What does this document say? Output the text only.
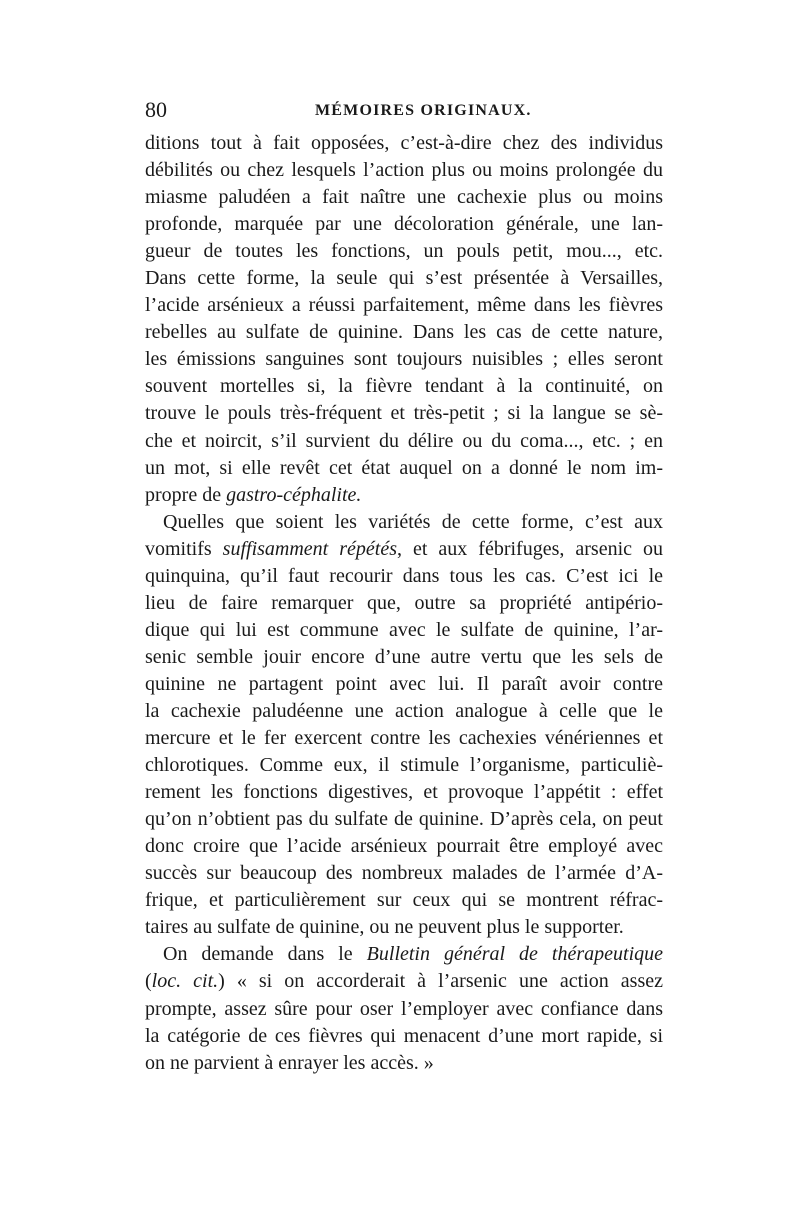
80	MÉMOIRES ORIGINAUX.
ditions tout à fait opposées, c’est-à-dire chez des individus
débilités ou chez lesquels l’action plus ou moins prolongée du
miasme paludéen a fait naître une cachexie plus ou moins
profonde, marquée par une décoloration générale, une lan-
gueur de toutes les fonctions, un pouls petit, mou..., etc.
Dans cette forme, la seule qui s’est présentée à Versailles,
l’acide arsénieux a réussi parfaitement, même dans les fièvres
rebelles au sulfate de quinine. Dans les cas de cette nature,
les émissions sanguines sont toujours nuisibles ; elles seront
souvent mortelles si, la fièvre tendant à la continuité, on
trouve le pouls très-fréquent et très-petit ; si la langue se sè-
che et noircit, s’il survient du délire ou du coma..., etc. ; en
un mot, si elle revêt cet état auquel on a donné le nom im-
propre de gastro-céphalite.
Quelles que soient les variétés de cette forme, c’est aux
vomitifs suffisamment répétés, et aux fébrifuges, arsenic ou
quinquina, qu’il faut recourir dans tous les cas. C’est ici le
lieu de faire remarquer que, outre sa propriété antipério-
dique qui lui est commune avec le sulfate de quinine, l’ar-
senic semble jouir encore d’une autre vertu que les sels de
quinine ne partagent point avec lui. Il paraît avoir contre
la cachexie paludéenne une action analogue à celle que le
mercure et le fer exercent contre les cachexies vénériennes et
chlorotiques. Comme eux, il stimule l’organisme, particuliè-
rement les fonctions digestives, et provoque l’appétit : effet
qu’on n’obtient pas du sulfate de quinine. D’après cela, on peut
donc croire que l’acide arsénieux pourrait être employé avec
succès sur beaucoup des nombreux malades de l’armée d’A-
frique, et particulièrement sur ceux qui se montrent réfrac-
taires au sulfate de quinine, ou ne peuvent plus le supporter.
On demande dans le Bulletin général de thérapeutique
(loc. cit.) « si on accorderait à l’arsenic une action assez
prompte, assez sûre pour oser l’employer avec confiance dans
la catégorie de ces fièvres qui menacent d’une mort rapide, si
on ne parvient à enrayer les accès. »
